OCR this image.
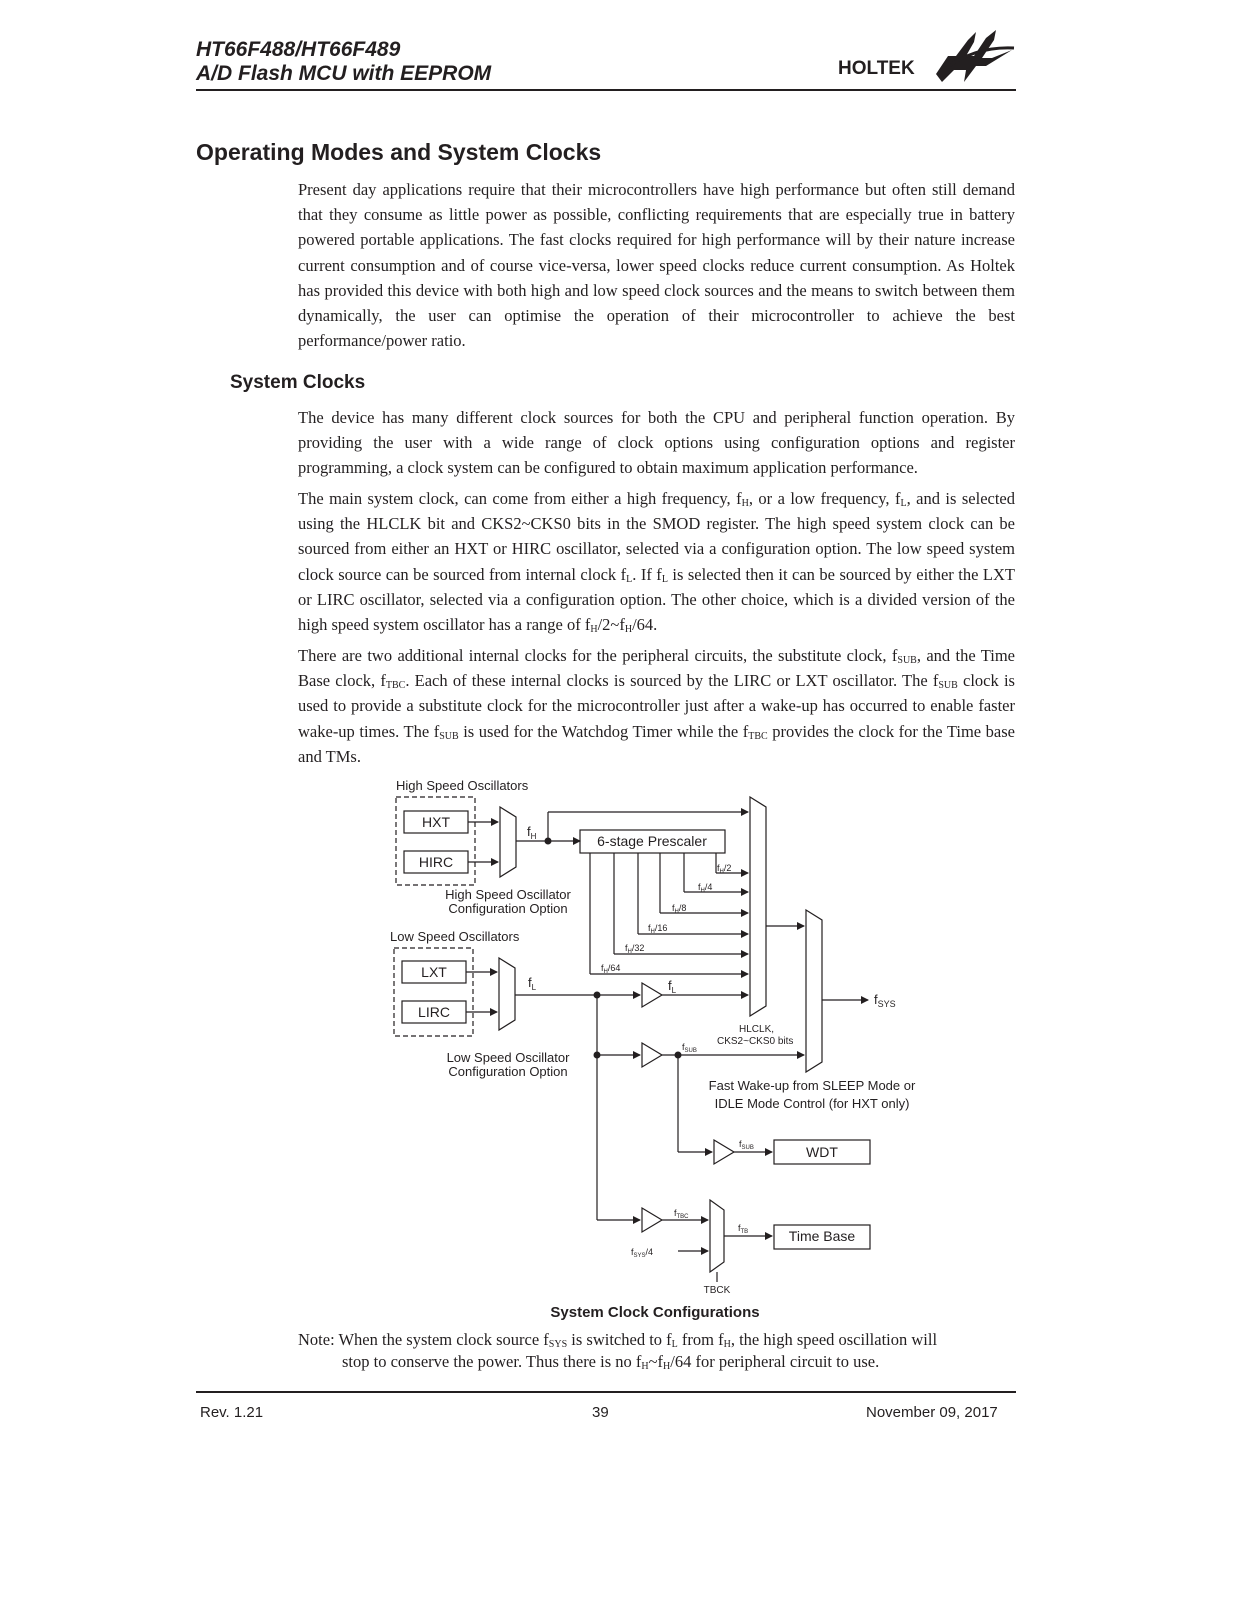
HT66F488/HT66F489
A/D Flash MCU with EEPROM	HOLTEK
Operating Modes and System Clocks

Present day applications require that their microcontrollers have high performance but often still demand that they consume as little power as possible, conflicting requirements that are especially true in battery powered portable applications. The fast clocks required for high performance will by their nature increase current consumption and of course vice-versa, lower speed clocks reduce current consumption. As Holtek has provided this device with both high and low speed clock sources and the means to switch between them dynamically, the user can optimise the operation of their microcontroller to achieve the best performance/power ratio.

System Clocks

The device has many different clock sources for both the CPU and peripheral function operation. By providing the user with a wide range of clock options using configuration options and register programming, a clock system can be configured to obtain maximum application performance.

The main system clock, can come from either a high frequency, $f_H$, or a low frequency, $f_L$, and is selected using the HLCLK bit and CKS2~CKS0 bits in the SMOD register. The high speed system clock can be sourced from either an HXT or HIRC oscillator, selected via a configuration option. The low speed system clock source can be sourced from internal clock $f_L$. If $f_L$ is selected then it can be sourced by either the LXT or LIRC oscillator, selected via a configuration option. The other choice, which is a divided version of the high speed system oscillator has a range of $f_H/2\sim f_H/64$.

There are two additional internal clocks for the peripheral circuits, the substitute clock, $f_{SUB}$, and the Time Base clock, $f_{TBC}$. Each of these internal clocks is sourced by the LIRC or LXT oscillator. The $f_{SUB}$ clock is used to provide a substitute clock for the microcontroller just after a wake-up has occurred to enable faster wake-up times. The $f_{SUB}$ is used for the Watchdog Timer while the $f_{TBC}$ provides the clock for the Time base and TMs.

High Speed Oscillators
HXT
HIRC
High Speed Oscillator
Configuration Option
$f_H$	6-stage Prescaler
$f_H/2$
$f_H/4$
$f_H/8$
$f_H/16$
$f_H/32$
$f_H/64$
HLCLK,
CKS2~CKS0 bits
$f_{SYS}$
Low Speed Oscillators
LXT
LIRC
Low Speed Oscillator
Configuration Option
$f_L$	$f_L$
$f_{SUB}$
Fast Wake-up from SLEEP Mode or
IDLE Mode Control (for HXT only)
$f_{SUB}$	WDT
$f_{TBC}$
$f_{TB}$	Time Base
$f_{SYS}/4$
TBCK
System Clock Configurations
Note: When the system clock source $f_{SYS}$ is switched to $f_L$ from $f_H$, the high speed oscillation will
stop to conserve the power. Thus there is no $f_H\sim f_H/64$ for peripheral circuit to use.
Rev. 1.21	39	November 09, 2017
